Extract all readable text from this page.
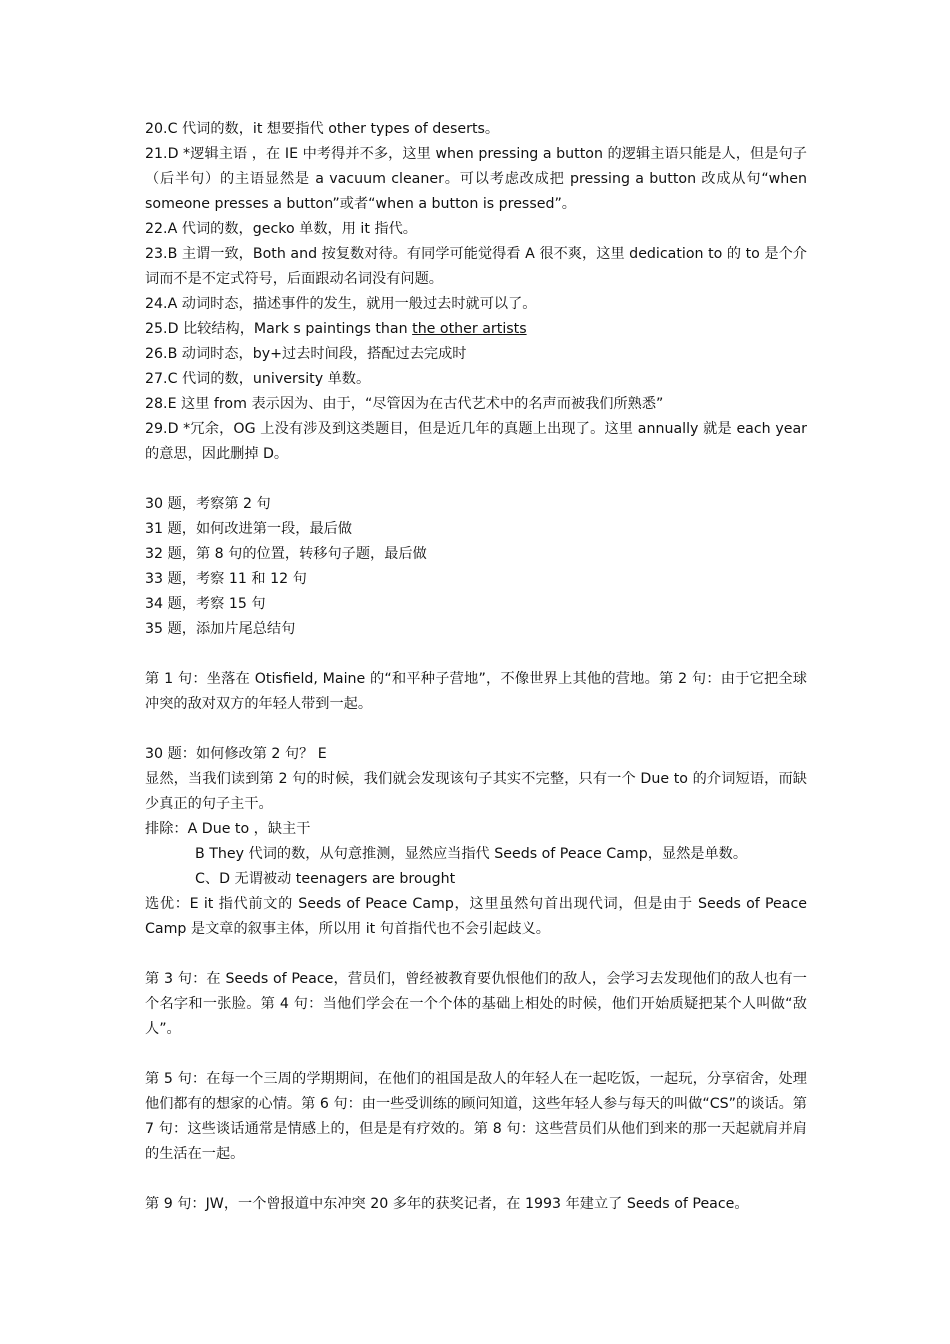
20.C 代词的数，it 想要指代 other types of deserts。

21.D *逻辑主语 ，在 IE 中考得并不多，这里 when pressing a button 的逻辑主语只能是人，但是句子（后半句）的主语显然是 a vacuum cleaner。可以考虑改成把 pressing a button 改成从句“when someone presses a button”或者“when a button is pressed”。

22.A 代词的数，gecko 单数，用 it 指代。

23.B 主谓一致，Both and 按复数对待。有同学可能觉得看 A 很不爽，这里 dedication to 的 to 是个介词而不是不定式符号，后面跟动名词没有问题。

24.A 动词时态，描述事件的发生，就用一般过去时就可以了。

25.D 比较结构，Mark s paintings than the other artists

26.B 动词时态，by+过去时间段，搭配过去完成时

27.C 代词的数，university 单数。

28.E 这里 from 表示因为、由于，“尽管因为在古代艺术中的名声而被我们所熟悉”

29.D *冗余，OG 上没有涉及到这类题目，但是近几年的真题上出现了。这里 annually 就是 each year 的意思，因此删掉 D。

30 题，考察第 2 句

31 题，如何改进第一段，最后做

32 题，第 8 句的位置，转移句子题，最后做

33 题，考察 11 和 12 句

34 题，考察 15 句

35 题，添加片尾总结句

第 1 句：坐落在 Otisfield, Maine 的“和平种子营地”，不像世界上其他的营地。第 2 句：由于它把全球冲突的敌对双方的年轻人带到一起。

30 题：如何修改第 2 句？ E

显然，当我们读到第 2 句的时候，我们就会发现该句子其实不完整，只有一个 Due to 的介词短语，而缺少真正的句子主干。

排除：A Due to ，缺主干

B They 代词的数，从句意推测，显然应当指代 Seeds of Peace Camp，显然是单数。

C、D 无谓被动 teenagers are brought

选优：E it 指代前文的 Seeds of Peace Camp，这里虽然句首出现代词，但是由于 Seeds of Peace Camp 是文章的叙事主体，所以用 it 句首指代也不会引起歧义。

第 3 句：在 Seeds of Peace，营员们，曾经被教育要仇恨他们的敌人，会学习去发现他们的敌人也有一个名字和一张脸。第 4 句：当他们学会在一个个体的基础上相处的时候，他们开始质疑把某个人叫做“敌人”。

第 5 句：在每一个三周的学期期间，在他们的祖国是敌人的年轻人在一起吃饭，一起玩，分享宿舍，处理他们都有的想家的心情。第 6 句：由一些受训练的顾问知道，这些年轻人参与每天的叫做“CS”的谈话。第 7 句：这些谈话通常是情感上的，但是是有疗效的。第 8 句：这些营员们从他们到来的那一天起就肩并肩的生活在一起。

第 9 句：JW，一个曾报道中东冲突 20 多年的获奖记者，在 1993 年建立了 Seeds of Peace。
